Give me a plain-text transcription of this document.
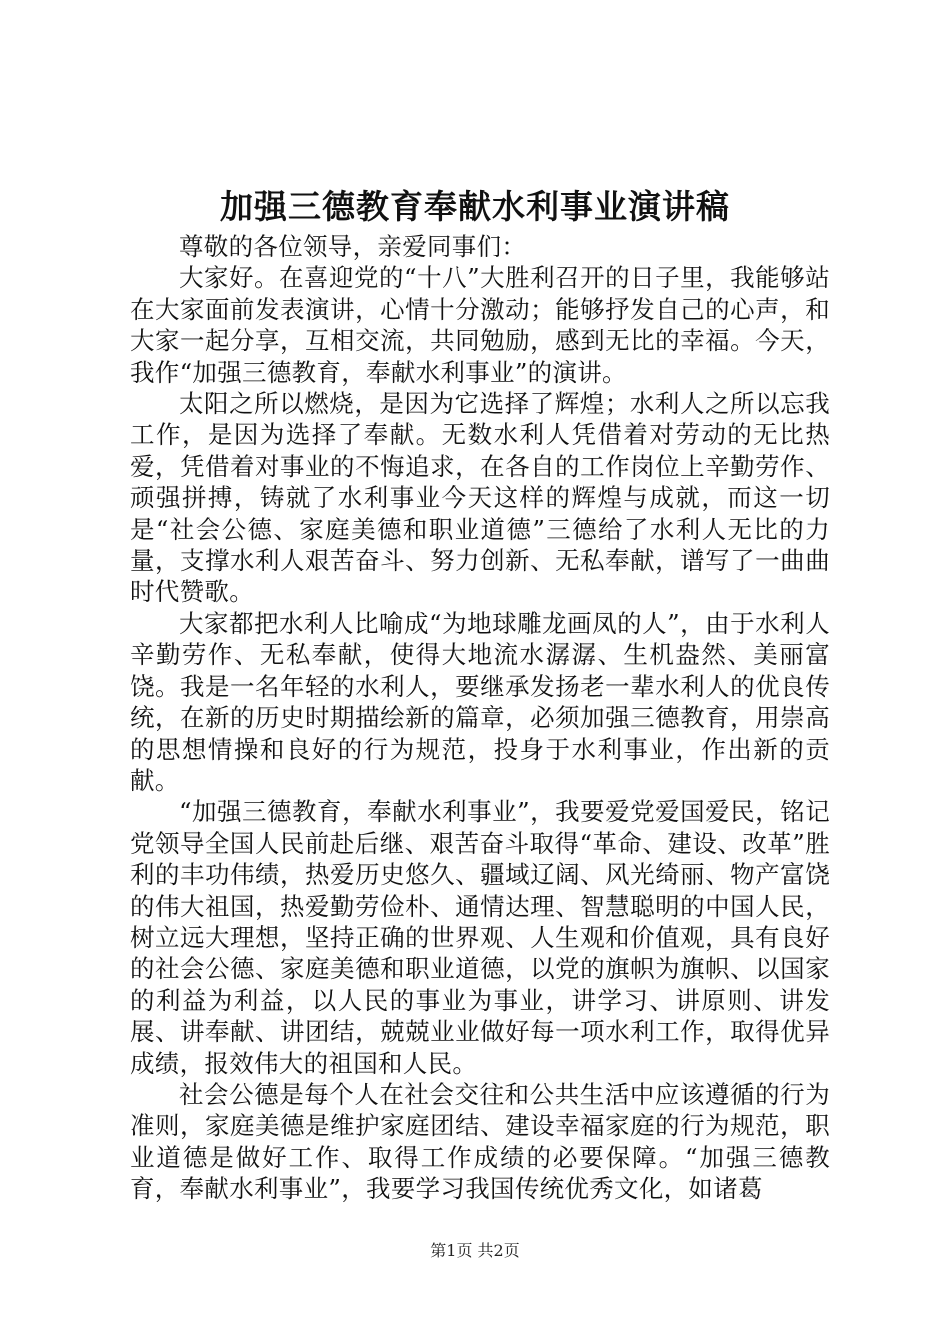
加强三德教育奉献水利事业演讲稿

尊敬的各位领导，亲爱同事们：

大家好。在喜迎党的“十八”大胜利召开的日子里，我能够站在大家面前发表演讲，心情十分激动；能够抒发自己的心声，和大家一起分享，互相交流，共同勉励，感到无比的幸福。今天，我作“加强三德教育，奉献水利事业”的演讲。

太阳之所以燃烧，是因为它选择了辉煌；水利人之所以忘我工作，是因为选择了奉献。无数水利人凭借着对劳动的无比热爱，凭借着对事业的不悔追求，在各自的工作岗位上辛勤劳作、顽强拼搏，铸就了水利事业今天这样的辉煌与成就，而这一切是“社会公德、家庭美德和职业道德”三德给了水利人无比的力量，支撑水利人艰苦奋斗、努力创新、无私奉献，谱写了一曲曲时代赞歌。

大家都把水利人比喻成“为地球雕龙画凤的人”，由于水利人辛勤劳作、无私奉献，使得大地流水潺潺、生机盎然、美丽富饶。我是一名年轻的水利人，要继承发扬老一辈水利人的优良传统，在新的历史时期描绘新的篇章，必须加强三德教育，用崇高的思想情操和良好的行为规范，投身于水利事业，作出新的贡献。

“加强三德教育，奉献水利事业”，我要爱党爱国爱民，铭记党领导全国人民前赴后继、艰苦奋斗取得“革命、建设、改革”胜利的丰功伟绩，热爱历史悠久、疆域辽阔、风光绮丽、物产富饶的伟大祖国，热爱勤劳俭朴、通情达理、智慧聪明的中国人民，树立远大理想，坚持正确的世界观、人生观和价值观，具有良好的社会公德、家庭美德和职业道德，以党的旗帜为旗帜、以国家的利益为利益，以人民的事业为事业，讲学习、讲原则、讲发展、讲奉献、讲团结，兢兢业业做好每一项水利工作，取得优异成绩，报效伟大的祖国和人民。

社会公德是每个人在社会交往和公共生活中应该遵循的行为准则，家庭美德是维护家庭团结、建设幸福家庭的行为规范，职业道德是做好工作、取得工作成绩的必要保障。“加强三德教育，奉献水利事业”，我要学习我国传统优秀文化，如诸葛

第1页 共2页
